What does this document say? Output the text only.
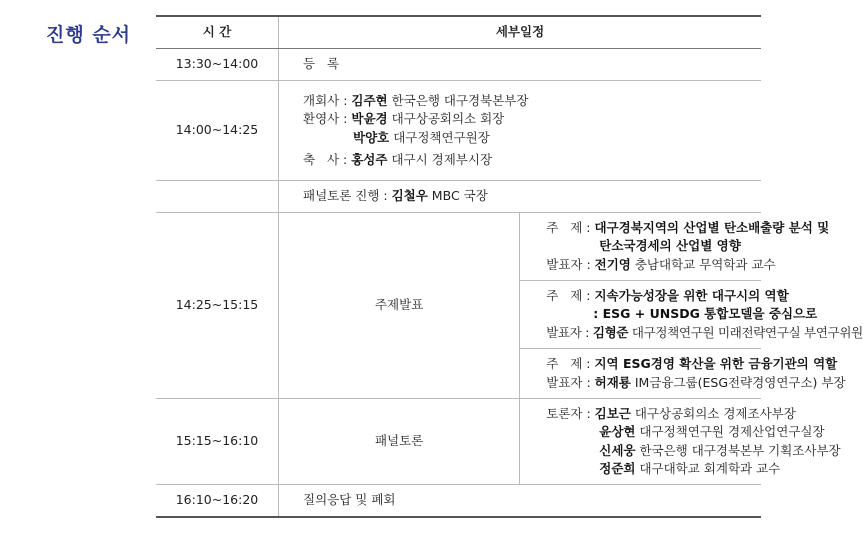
진행 순서	시 간	세부일정	
13:30~14:00	등   록	
14:00~14:25	개회사 : 김주현 한국은행 대구경북본부장
환영사 : 박윤경 대구상공회의소 회장
박양호 대구정책연구원장
축   사 : 홍성주 대구시 경제부시장	

	패널토론 진행 : 김철우 MBC 국장	
14:25~15:15	주제발표	주   제 : 대구경북지역의 산업별 탄소배출량 분석 및
탄소국경세의 산업별 영향
발표자 : 전기영 충남대학교 무역학과 교수

		주   제 : 지속가능성장을 위한 대구시의 역할
: ESG + UNSDG 통합모델을 중심으로
발표자 : 김형준 대구정책연구원 미래전략연구실 부연구위원

		주   제 : 지역 ESG경영 확산을 위한 금융기관의 역할
발표자 : 허재룡 IM금융그룹(ESG전략경영연구소) 부장

15:15~16:10	패널토론	토론자 : 김보근 대구상공회의소 경제조사부장
윤상현 대구정책연구원 경제산업연구실장
신세웅 한국은행 대구경북본부 기획조사부장
정준희 대구대학교 회계학과 교수

16:10~16:20	질의응답 및 폐회	
